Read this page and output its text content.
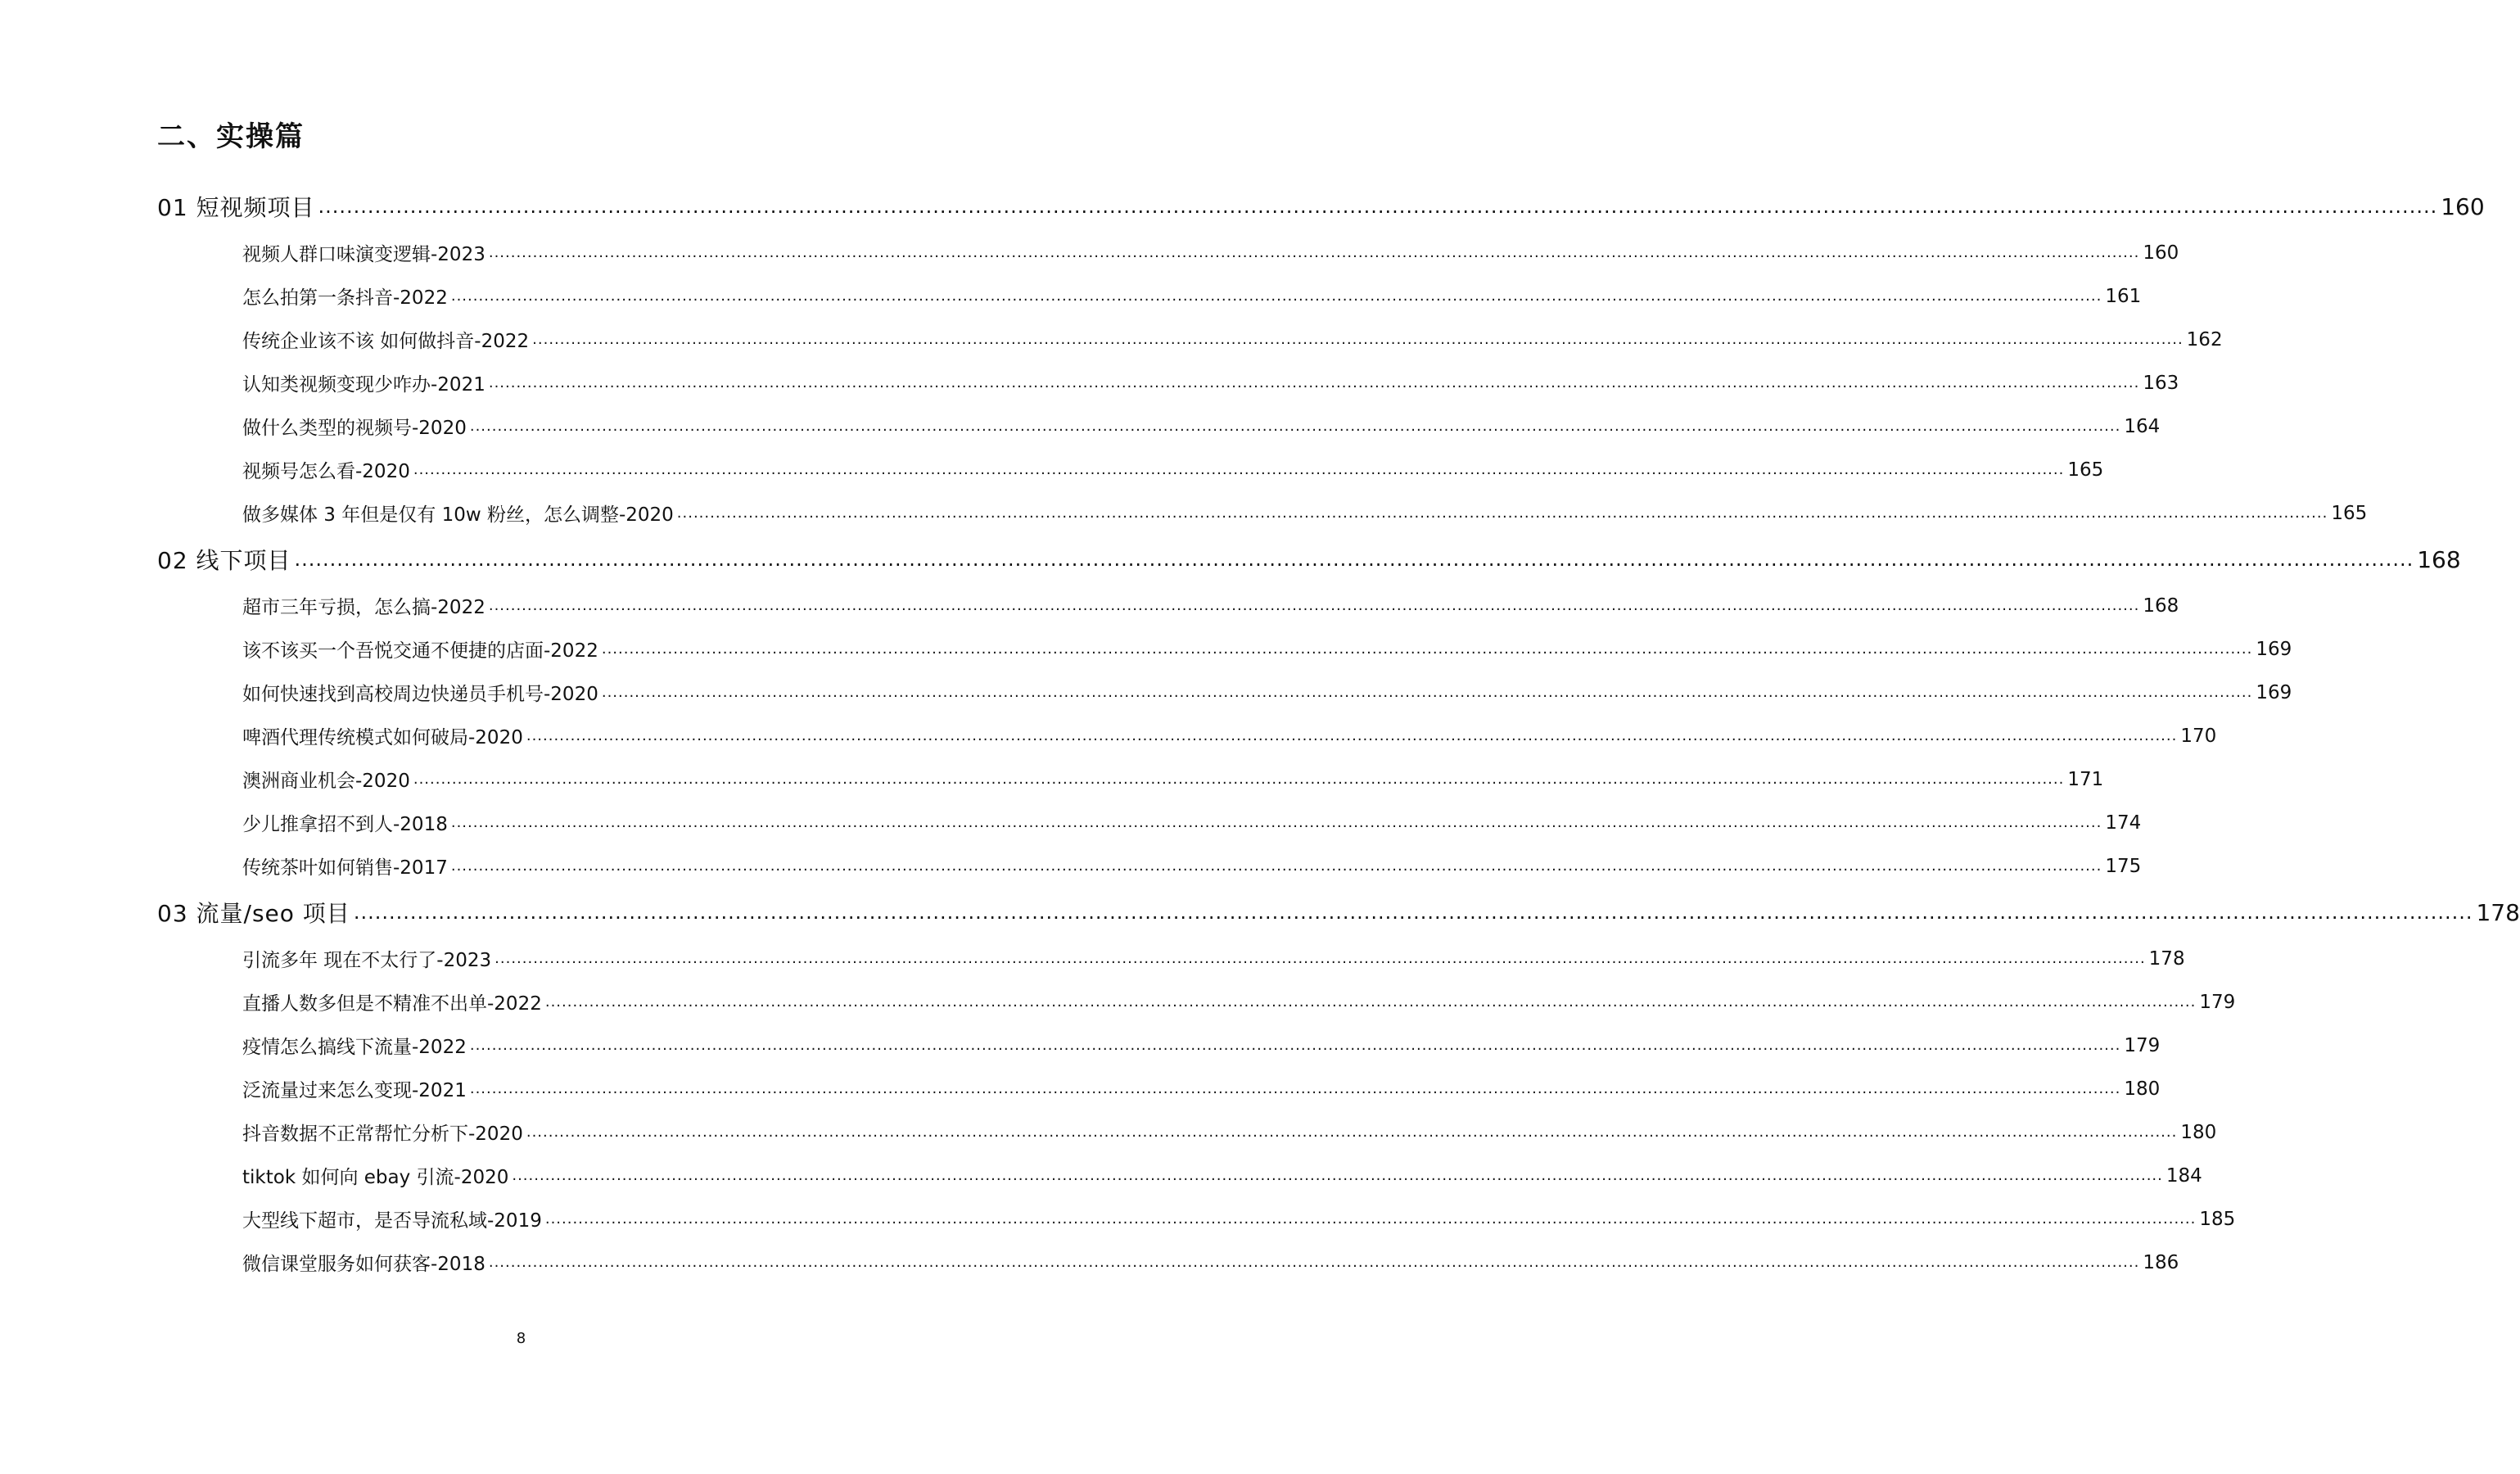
二、实操篇
01 短视频项目 ............................................................................................................................................................................................................................................................................................................ 160
视频人群口味演变逻辑-2023 ............................................................................................................................................................................................................................................................................................................ 160
怎么拍第一条抖音-2022 ............................................................................................................................................................................................................................................................................................................ 161
传统企业该不该 如何做抖音-2022 ............................................................................................................................................................................................................................................................................................................ 162
认知类视频变现少咋办-2021 ............................................................................................................................................................................................................................................................................................................ 163
做什么类型的视频号-2020 ............................................................................................................................................................................................................................................................................................................ 164
视频号怎么看-2020 ............................................................................................................................................................................................................................................................................................................ 165
做多媒体 3 年但是仅有 10w 粉丝，怎么调整-2020 ............................................................................................................................................................................................................................................................................................................ 165
02 线下项目 ............................................................................................................................................................................................................................................................................................................ 168
超市三年亏损，怎么搞-2022 ............................................................................................................................................................................................................................................................................................................ 168
该不该买一个吾悦交通不便捷的店面-2022 ............................................................................................................................................................................................................................................................................................................ 169
如何快速找到高校周边快递员手机号-2020 ............................................................................................................................................................................................................................................................................................................ 169
啤酒代理传统模式如何破局-2020 ............................................................................................................................................................................................................................................................................................................ 170
澳洲商业机会-2020 ............................................................................................................................................................................................................................................................................................................ 171
少儿推拿招不到人-2018 ............................................................................................................................................................................................................................................................................................................ 174
传统茶叶如何销售-2017 ............................................................................................................................................................................................................................................................................................................ 175
03 流量/seo 项目 ............................................................................................................................................................................................................................................................................................................ 178
引流多年 现在不太行了-2023 ............................................................................................................................................................................................................................................................................................................ 178
直播人数多但是不精准不出单-2022 ............................................................................................................................................................................................................................................................................................................ 179
疫情怎么搞线下流量-2022 ............................................................................................................................................................................................................................................................................................................ 179
泛流量过来怎么变现-2021 ............................................................................................................................................................................................................................................................................................................ 180
抖音数据不正常帮忙分析下-2020 ............................................................................................................................................................................................................................................................................................................ 180
tiktok 如何向 ebay 引流-2020 ............................................................................................................................................................................................................................................................................................................ 184
大型线下超市，是否导流私域-2019 ............................................................................................................................................................................................................................................................................................................ 185
微信课堂服务如何获客-2018 ............................................................................................................................................................................................................................................................................................................ 186
8
